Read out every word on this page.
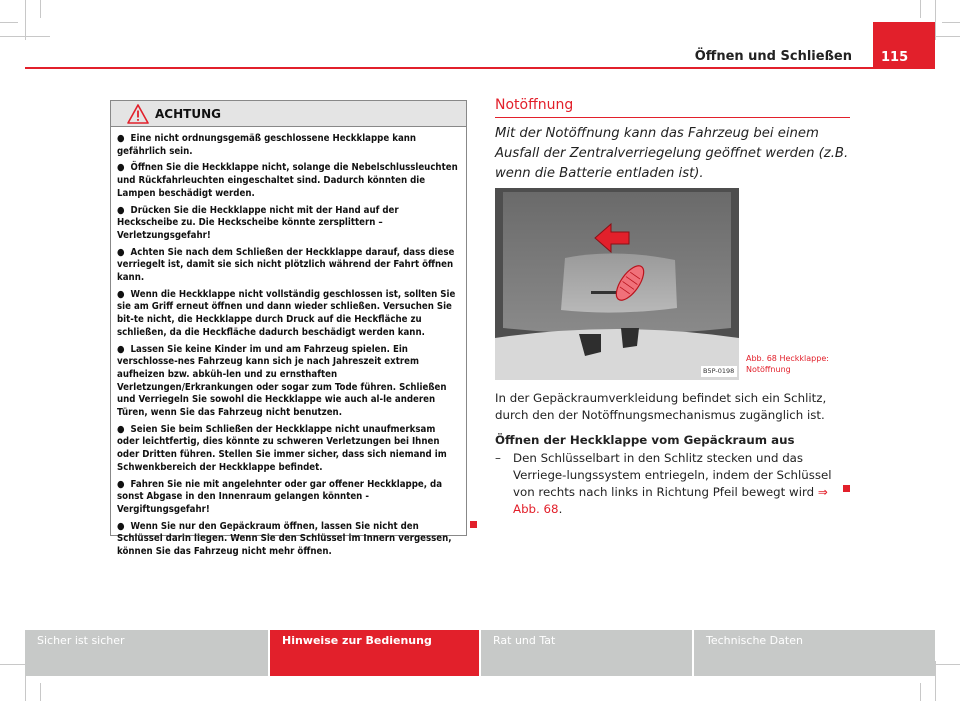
Öffnen und Schließen	115
ACHTUNG
● Eine nicht ordnungsgemäß geschlossene Heckklappe kann gefährlich sein.
● Öffnen Sie die Heckklappe nicht, solange die Nebelschlussleuchten und Rückfahrleuchten eingeschaltet sind. Dadurch könnten die Lampen beschädigt werden.
● Drücken Sie die Heckklappe nicht mit der Hand auf der Heckscheibe zu. Die Heckscheibe könnte zersplittern – Verletzungsgefahr!
● Achten Sie nach dem Schließen der Heckklappe darauf, dass diese verriegelt ist, damit sie sich nicht plötzlich während der Fahrt öffnen kann.
● Wenn die Heckklappe nicht vollständig geschlossen ist, sollten Sie sie am Griff erneut öffnen und dann wieder schließen. Versuchen Sie bit-te nicht, die Heckklappe durch Druck auf die Heckfläche zu schließen, da die Heckfläche dadurch beschädigt werden kann.
● Lassen Sie keine Kinder im und am Fahrzeug spielen. Ein verschlosse-nes Fahrzeug kann sich je nach Jahreszeit extrem aufheizen bzw. abküh-len und zu ernsthaften Verletzungen/Erkrankungen oder sogar zum Tode führen. Schließen und Verriegeln Sie sowohl die Heckklappe wie auch al-le anderen Türen, wenn Sie das Fahrzeug nicht benutzen.
● Seien Sie beim Schließen der Heckklappe nicht unaufmerksam oder leichtfertig, dies könnte zu schweren Verletzungen bei Ihnen oder Dritten führen. Stellen Sie immer sicher, dass sich niemand im Schwenkbereich der Heckklappe befindet.
● Fahren Sie nie mit angelehnter oder gar offener Heckklappe, da sonst Abgase in den Innenraum gelangen könnten - Vergiftungsgefahr!
● Wenn Sie nur den Gepäckraum öffnen, lassen Sie nicht den Schlüssel darin liegen. Wenn Sie den Schlüssel im Innern vergessen, können Sie das Fahrzeug nicht mehr öffnen.
Notöffnung
Mit der Notöffnung kann das Fahrzeug bei einem Ausfall der Zentralverriegelung geöffnet werden (z.B. wenn die Batterie entladen ist).
B5P-0198
Abb. 68 Heckklappe:
Notöffnung
In der Gepäckraumverkleidung befindet sich ein Schlitz, durch den der Notöffnungsmechanismus zugänglich ist.
Öffnen der Heckklappe vom Gepäckraum aus
– Den Schlüsselbart in den Schlitz stecken und das Verriege-lungssystem entriegeln, indem der Schlüssel von rechts nach links in Richtung Pfeil bewegt wird ⇒ Abb. 68.
Sicher ist sicher	Hinweise zur Bedienung	Rat und Tat	Technische Daten
